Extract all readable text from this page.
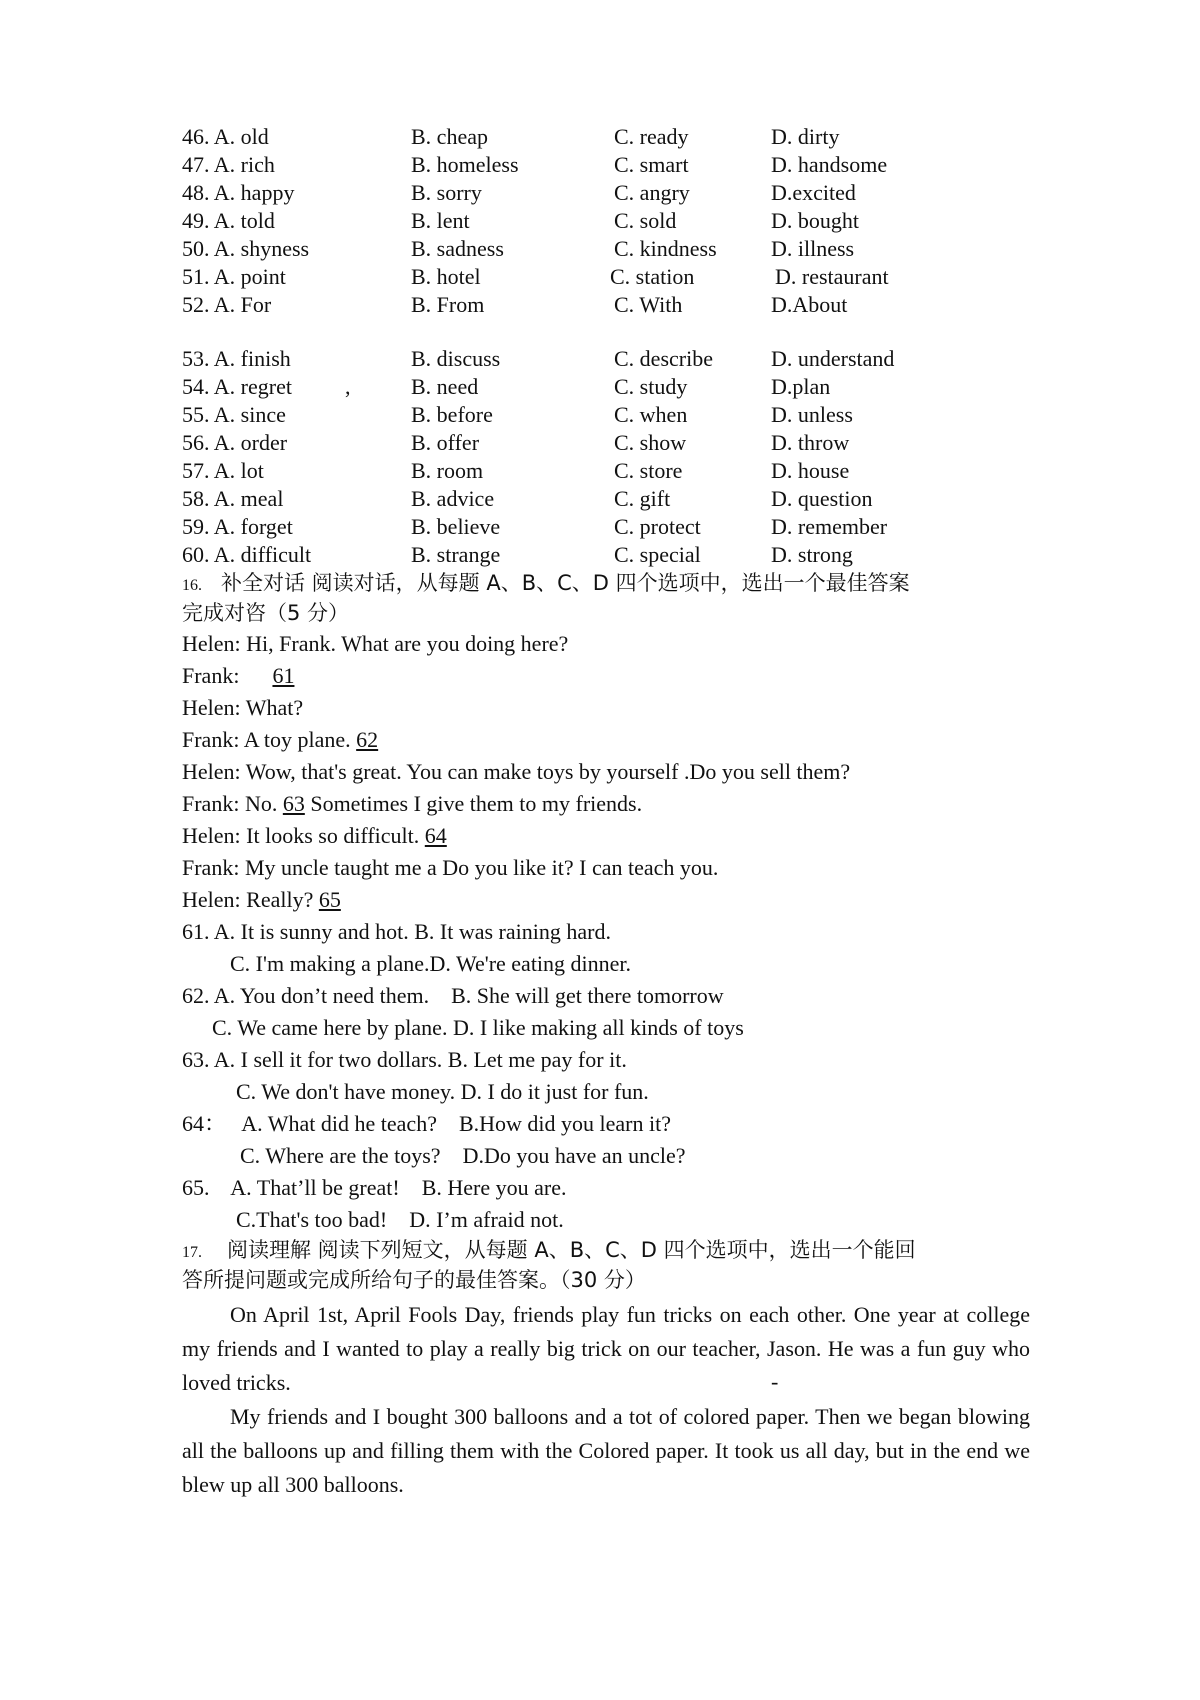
46. A. old	B. cheap	C. ready	D. dirty
47. A. rich	B. homeless	C. smart	D. handsome
48. A. happy	B. sorry	C. angry	D.excited
49. A. told	B. lent	C. sold	D. bought
50. A. shyness	B. sadness	C. kindness D. illness
51. A. point	B. hotel	C. station	D. restaurant
52. A. For	B. From	C. With	D.About
53. A. finish	B. discuss	C. describe	D. understand
54. A. regret ,	B. need	C. study	D.plan
55. A. since	B. before	C. when	D. unless
56. A. order	B. offer	C. show	D. throw
57. A. lot	B. room	C. store	D. house
58. A. meal	B. advice	C. gift	D. question
59. A. forget	B. believe	C. protect	D. remember
60. A. difficult	B. strange	C. special	D. strong
16. 补全对话 阅读对话，从每题 A、B、C、D 四个选项中，选出一个最佳答案
完成对咨（5 分）
Helen: Hi, Frank. What are you doing here?
Frank:      61
Helen: What?
Frank: A toy plane. 62
Helen: Wow, that's great. You can make toys by yourself .Do you sell them?
Frank: No. 63 Sometimes I give them to my friends.
Helen: It looks so difficult. 64
Frank: My uncle taught me a Do you like it? I can teach you.
Helen: Really? 65
61. A. It is sunny and hot. B. It was raining hard.
C. I'm making a plane.D. We're eating dinner.
62. A. You don’t need them.    B. She will get there tomorrow
C. We came here by plane. D. I like making all kinds of toys
63. A. I sell it for two dollars. B. Let me pay for it.
C. We don't have money. D. I do it just for fun.
64：   A. What did he teach?    B.How did you learn it?
C. Where are the toys?    D.Do you have an uncle?
65.    A. That’ll be great!    B. Here you are.
C.That's too bad!    D. I’m afraid not.
17. 阅读理解 阅读下列短文，从每题 A、B、C、D 四个选项中，选出一个能回
答所提问题或完成所给句子的最佳答案。（30 分）
On April 1st, April Fools Day, friends play fun tricks on each other. One year at college my friends and I wanted to play a really big trick on our teacher, Jason. He was a fun guy who loved tricks.	-
My friends and I bought 300 balloons and a tot of colored paper. Then we began blowing all the balloons up and filling them with the Colored paper. It took us all day, but in the end we blew up all 300 balloons.
